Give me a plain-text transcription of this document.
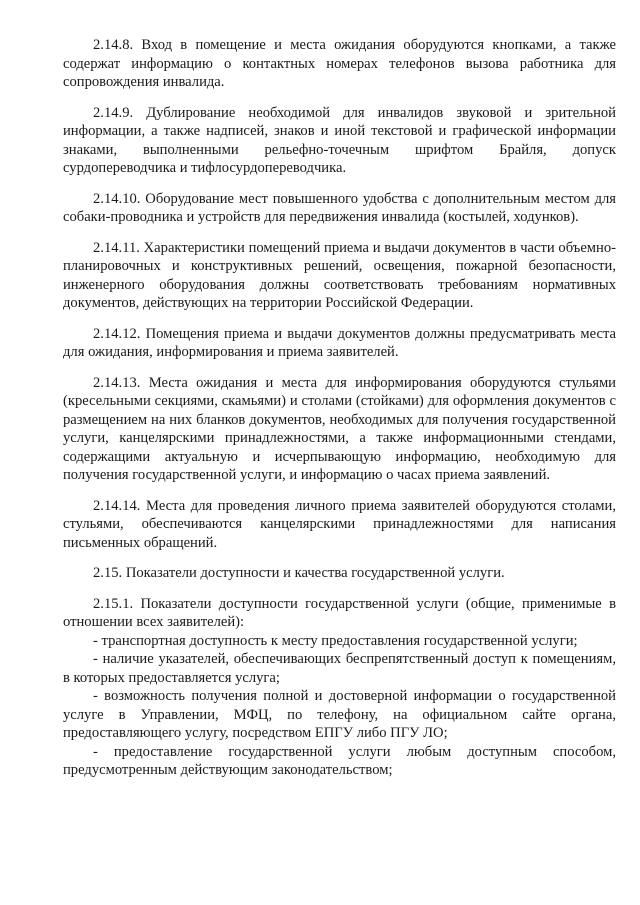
2.14.8. Вход в помещение и места ожидания оборудуются кнопками, а также содержат информацию о контактных номерах телефонов вызова работника для сопровождения инвалида.

2.14.9. Дублирование необходимой для инвалидов звуковой и зрительной информации, а также надписей, знаков и иной текстовой и графической информации знаками, выполненными рельефно-точечным шрифтом Брайля, допуск сурдопереводчика и тифлосурдопереводчика.

2.14.10. Оборудование мест повышенного удобства с дополнительным местом для собаки-проводника и устройств для передвижения инвалида (костылей, ходунков).

2.14.11. Характеристики помещений приема и выдачи документов в части объемно-планировочных и конструктивных решений, освещения, пожарной безопасности, инженерного оборудования должны соответствовать требованиям нормативных документов, действующих на территории Российской Федерации.

2.14.12. Помещения приема и выдачи документов должны предусматривать места для ожидания, информирования и приема заявителей.

2.14.13. Места ожидания и места для информирования оборудуются стульями (кресельными секциями, скамьями) и столами (стойками) для оформления документов с размещением на них бланков документов, необходимых для получения государственной услуги, канцелярскими принадлежностями, а также информационными стендами, содержащими актуальную и исчерпывающую информацию, необходимую для получения государственной услуги, и информацию о часах приема заявлений.

2.14.14. Места для проведения личного приема заявителей оборудуются столами, стульями, обеспечиваются канцелярскими принадлежностями для написания письменных обращений.

2.15. Показатели доступности и качества государственной услуги.

2.15.1. Показатели доступности государственной услуги (общие, применимые в отношении всех заявителей):

- транспортная доступность к месту предоставления государственной услуги;

- наличие указателей, обеспечивающих беспрепятственный доступ к помещениям, в которых предоставляется услуга;

- возможность получения полной и достоверной информации о государственной услуге в Управлении, МФЦ, по телефону, на официальном сайте органа, предоставляющего услугу, посредством ЕПГУ либо ПГУ ЛО;

- предоставление государственной услуги любым доступным способом, предусмотренным действующим законодательством;
